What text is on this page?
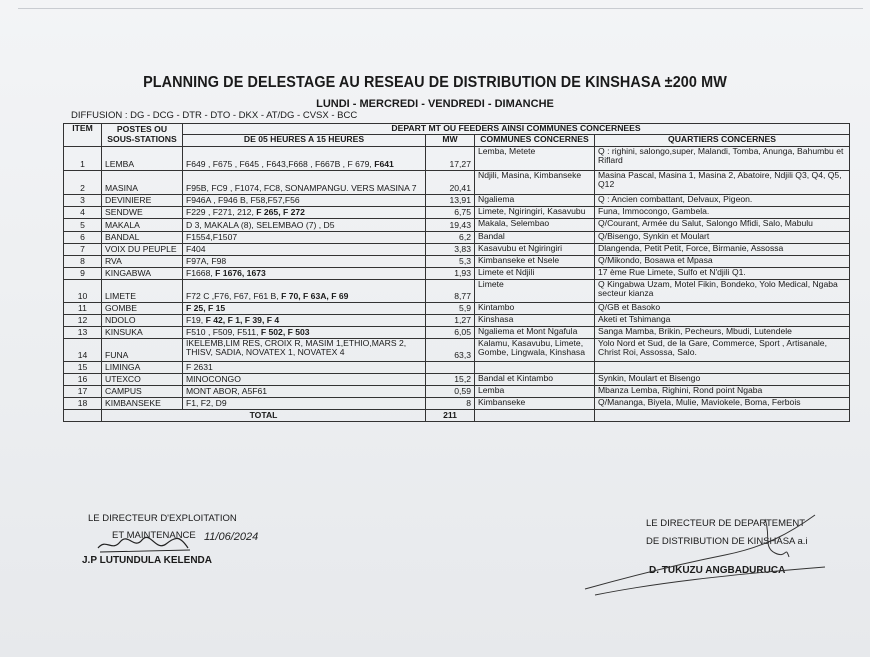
PLANNING DE DELESTAGE AU RESEAU DE DISTRIBUTION DE KINSHASA ±200 MW
LUNDI - MERCREDI - VENDREDI - DIMANCHE
DIFFUSION : DG - DCG - DTR - DTO - DKX - AT/DG - CVSX - BCC
ITEM	POSTES OU SOUS-STATIONS	DEPART MT OU FEEDERS AINSI COMMUNES CONCERNEES			
		DE 05 HEURES A 15 HEURES	MW	COMMUNES CONCERNES	QUARTIERS CONCERNES
1	LEMBA	F649 , F675 , F645 , F643,F668 , F667B , F 679, F641	17,27	Lemba, Metete	Q : righini, salongo,super, Malandi, Tomba, Anunga, Bahumbu et Riflard
2	MASINA	F95B, FC9 , F1074, FC8, SONAMPANGU. VERS MASINA 7	20,41	Ndjili, Masina, Kimbanseke	Masina Pascal, Masina 1, Masina 2, Abatoire, Ndjili Q3, Q4, Q5, Q12
3	DEVINIERE	F946A , F946 B, F58,F57,F56	13,91	Ngaliema	Q : Ancien combattant, Delvaux, Pigeon.
4	SENDWE	F229 , F271, 212, F 265, F 272	6,75	Limete, Ngiringiri, Kasavubu	Funa, Immocongo, Gambela.
5	MAKALA	D 3, MAKALA (8), SELEMBAO (7) , D5	19,43	Makala, Selembao	Q/Courant, Armée du Salut, Salongo Mfidi, Salo, Mabulu
6	BANDAL	F1554,F1507	6,2	Bandal	Q/Bisengo, Synkin et Moulart
7	VOIX DU PEUPLE	F404	3,83	Kasavubu et Ngiringiri	Dlangenda, Petit Petit, Force, Birmanie, Assossa
8	RVA	F97A, F98	5,3	Kimbanseke et Nsele	Q/Mikondo, Bosawa et Mpasa
9	KINGABWA	F1668, F 1676, 1673	1,93	Limete et Ndjili	17 ème Rue Limete, Sulfo et N'djili Q1.
10	LIMETE	F72 C ,F76, F67, F61 B, F 70, F 63A, F 69	8,77	Limete	Q Kingabwa Uzam, Motel Fikin, Bondeko, Yolo Medical, Ngaba secteur kianza
11	GOMBE	F 25, F 15	5,9	Kintambo	Q/GB et Basoko
12	NDOLO	F19, F 42, F 1, F 39, F 4	1,27	Kinshasa	Aketi et Tshimanga
13	KINSUKA	F510 , F509, F511, F 502, F 503	6,05	Ngaliema et Mont Ngafula	Sanga Mamba, Brikin, Pecheurs, Mbudi, Lutendele
14	FUNA	IKELEMB,LIM RES, CROIX R, MASIM 1,ETHIO,MARS 2, THISV, SADIA, NOVATEX 1, NOVATEX 4	63,3	Kalamu, Kasavubu, Limete, Gombe, Lingwala, Kinshasa	Yolo Nord et Sud, de la Gare, Commerce, Sport , Artisanale, Christ Roi, Assossa, Salo.
15	LIMINGA	F 2631			
16	UTEXCO	MINOCONGO	15,2	Bandal et Kintambo	Synkin, Moulart et Bisengo
17	CAMPUS	MONT ABOR, A5F61	0,59	Lemba	Mbanza Lemba, Righini, Rond point Ngaba
18	KIMBANSEKE	F1, F2, D9	8	Kimbanseke	Q/Mananga, Biyela, Mulie, Maviokele, Boma, Ferbois
	TOTAL		211		
LE DIRECTEUR D'EXPLOITATION
ET MAINTENANCE
J.P LUTUNDULA KELENDA
11/06/2024
LE DIRECTEUR DE DEPARTEMENT
DE DISTRIBUTION DE KINSHASA a.i
D. TUKUZU ANGBADURUCA
